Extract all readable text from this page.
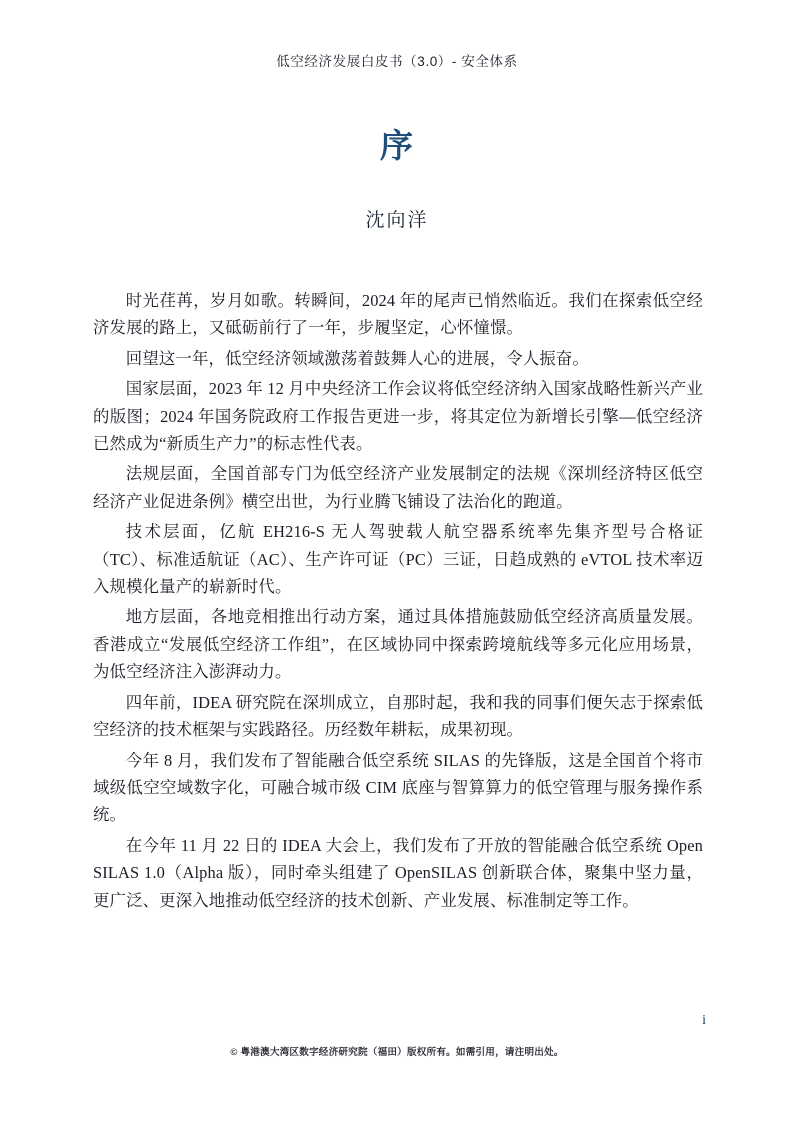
低空经济发展白皮书（3.0）- 安全体系
序
沈向洋

时光荏苒，岁月如歌。转瞬间，2024 年的尾声已悄然临近。我们在探索低空经济发展的路上，又砥砺前行了一年，步履坚定，心怀憧憬。

回望这一年，低空经济领域激荡着鼓舞人心的进展，令人振奋。

国家层面，2023 年 12 月中央经济工作会议将低空经济纳入国家战略性新兴产业的版图；2024 年国务院政府工作报告更进一步，将其定位为新增长引擎—低空经济已然成为“新质生产力”的标志性代表。

法规层面，全国首部专门为低空经济产业发展制定的法规《深圳经济特区低空经济产业促进条例》横空出世，为行业腾飞铺设了法治化的跑道。

技术层面，亿航 EH216-S 无人驾驶载人航空器系统率先集齐型号合格证（TC）、标准适航证（AC）、生产许可证（PC）三证，日趋成熟的 eVTOL 技术率迈入规模化量产的崭新时代。

地方层面，各地竞相推出行动方案，通过具体措施鼓励低空经济高质量发展。香港成立“发展低空经济工作组”，在区域协同中探索跨境航线等多元化应用场景，为低空经济注入澎湃动力。

四年前，IDEA 研究院在深圳成立，自那时起，我和我的同事们便矢志于探索低空经济的技术框架与实践路径。历经数年耕耘，成果初现。

今年 8 月，我们发布了智能融合低空系统 SILAS 的先锋版，这是全国首个将市域级低空空域数字化，可融合城市级 CIM 底座与智算算力的低空管理与服务操作系统。

在今年 11 月 22 日的 IDEA 大会上，我们发布了开放的智能融合低空系统 Open SILAS 1.0（Alpha 版），同时牵头组建了 OpenSILAS 创新联合体，聚集中坚力量，更广泛、更深入地推动低空经济的技术创新、产业发展、标准制定等工作。

i
© 粤港澳大湾区数字经济研究院（福田）版权所有。如需引用，请注明出处。
